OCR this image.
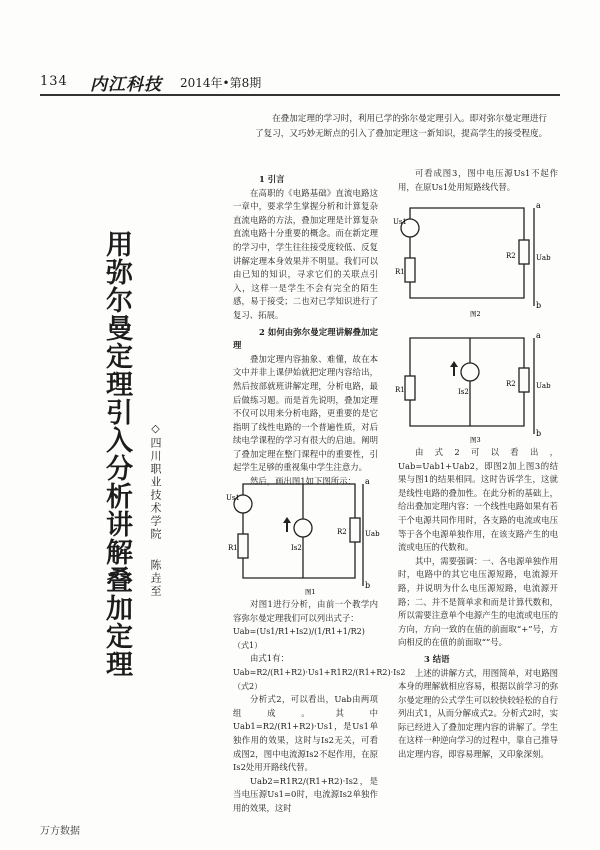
134 内江科技 2014年•第8期
在叠加定理的学习时，利用已学的弥尔曼定理引入。即对弥尔曼定理进行了复习，又巧妙无断点的引入了叠加定理这一新知识，提高学生的接受程度。
用弥尔曼定理引入分析讲解叠加定理	◇四川职业技术学院陈垚至

1 引言

在高职的《电路基础》直流电路这一章中，要求学生掌握分析和计算复杂直流电路的方法，叠加定理是计算复杂直流电路十分重要的概念。而在新定理的学习中，学生往往接受度较低、反复讲解定理本身效果并不明显。我们可以由已知的知识，寻求它们的关联点引入，这样一是学生不会有完全的陌生感，易于接受；二也对已学知识进行了复习、拓展。

2 如何由弥尔曼定理讲解叠加定理

叠加定理内容抽象、难懂，故在本文中并非上课伊始就把定理内容给出，然后按部就班讲解定理，分析电路，最后做练习题。而是首先说明，叠加定理不仅可以用来分析电路，更重要的是它指明了线性电路的一个普遍性质，对后续电学课程的学习有很大的启迪。阐明了叠加定理在整门课程中的重要性，引起学生足够的重视集中学生注意力。

然后，画出图1如下图所示：	a
Us1
R1	Is2
R2	Uab
b
图1

对图1进行分析，由前一个教学内容弥尔曼定理我们可以列出式子：

Uab=(Us1/R1+Is2)/(1/R1+1/R2) （式1）

由式1有：

Uab=R2/(R1+R2)·Us1+R1R2/(R1+R2)·Is2 （式2）

分析式2，可以看出，Uab由两项组成。其中Uab1=R2/(R1+R2)·Us1，是Us1单独作用的效果，这时与Is2无关，可看成图2，图中电流源Is2不起作用，在原Is2处用开路线代替。

Uab2=R1R2/(R1+R2)·Is2，是当电压源Us1=0时，电流源Is2单独作用的效果，这时

可看成图3，图中电压源Us1不起作用，在原Us1处用短路线代替。

a
Us1
R1
R2	Uab
b
图2
a
R1	Is2
R2	Uab
b
图3

由式2可以看出，Uab=Uab1+Uab2，即图2加上图3的结果与图1的结果相同。这时告诉学生，这就是线性电路的叠加性。在此分析的基础上，给出叠加定理内容：一个线性电路如果有若干个电源共同作用时，各支路的电流或电压等于各个电源单独作用，在该支路产生的电流或电压的代数和。

其中，需要强调：一、各电源单独作用时，电路中的其它电压源短路，电流源开路，并说明为什么电压源短路，电流源开路；二、并不是简单求和而是计算代数和，所以需要注意单个电源产生的电流或电压的方向，方向一致的在值的前面取“+”号，方向相反的在值的前面取“”号。

3 结语

上述的讲解方式，用图简单，对电路图本身的理解就相应容易，根据以前学习的弥尔曼定理的公式学生可以较快较轻松的自行列出式1，从而分解成式2。分析式2时，实际已经进入了叠加定理内容的讲解了。学生在这样一种逆向学习的过程中，靠自己推导出定理内容，即容易理解，又印象深刻。

万方数据
